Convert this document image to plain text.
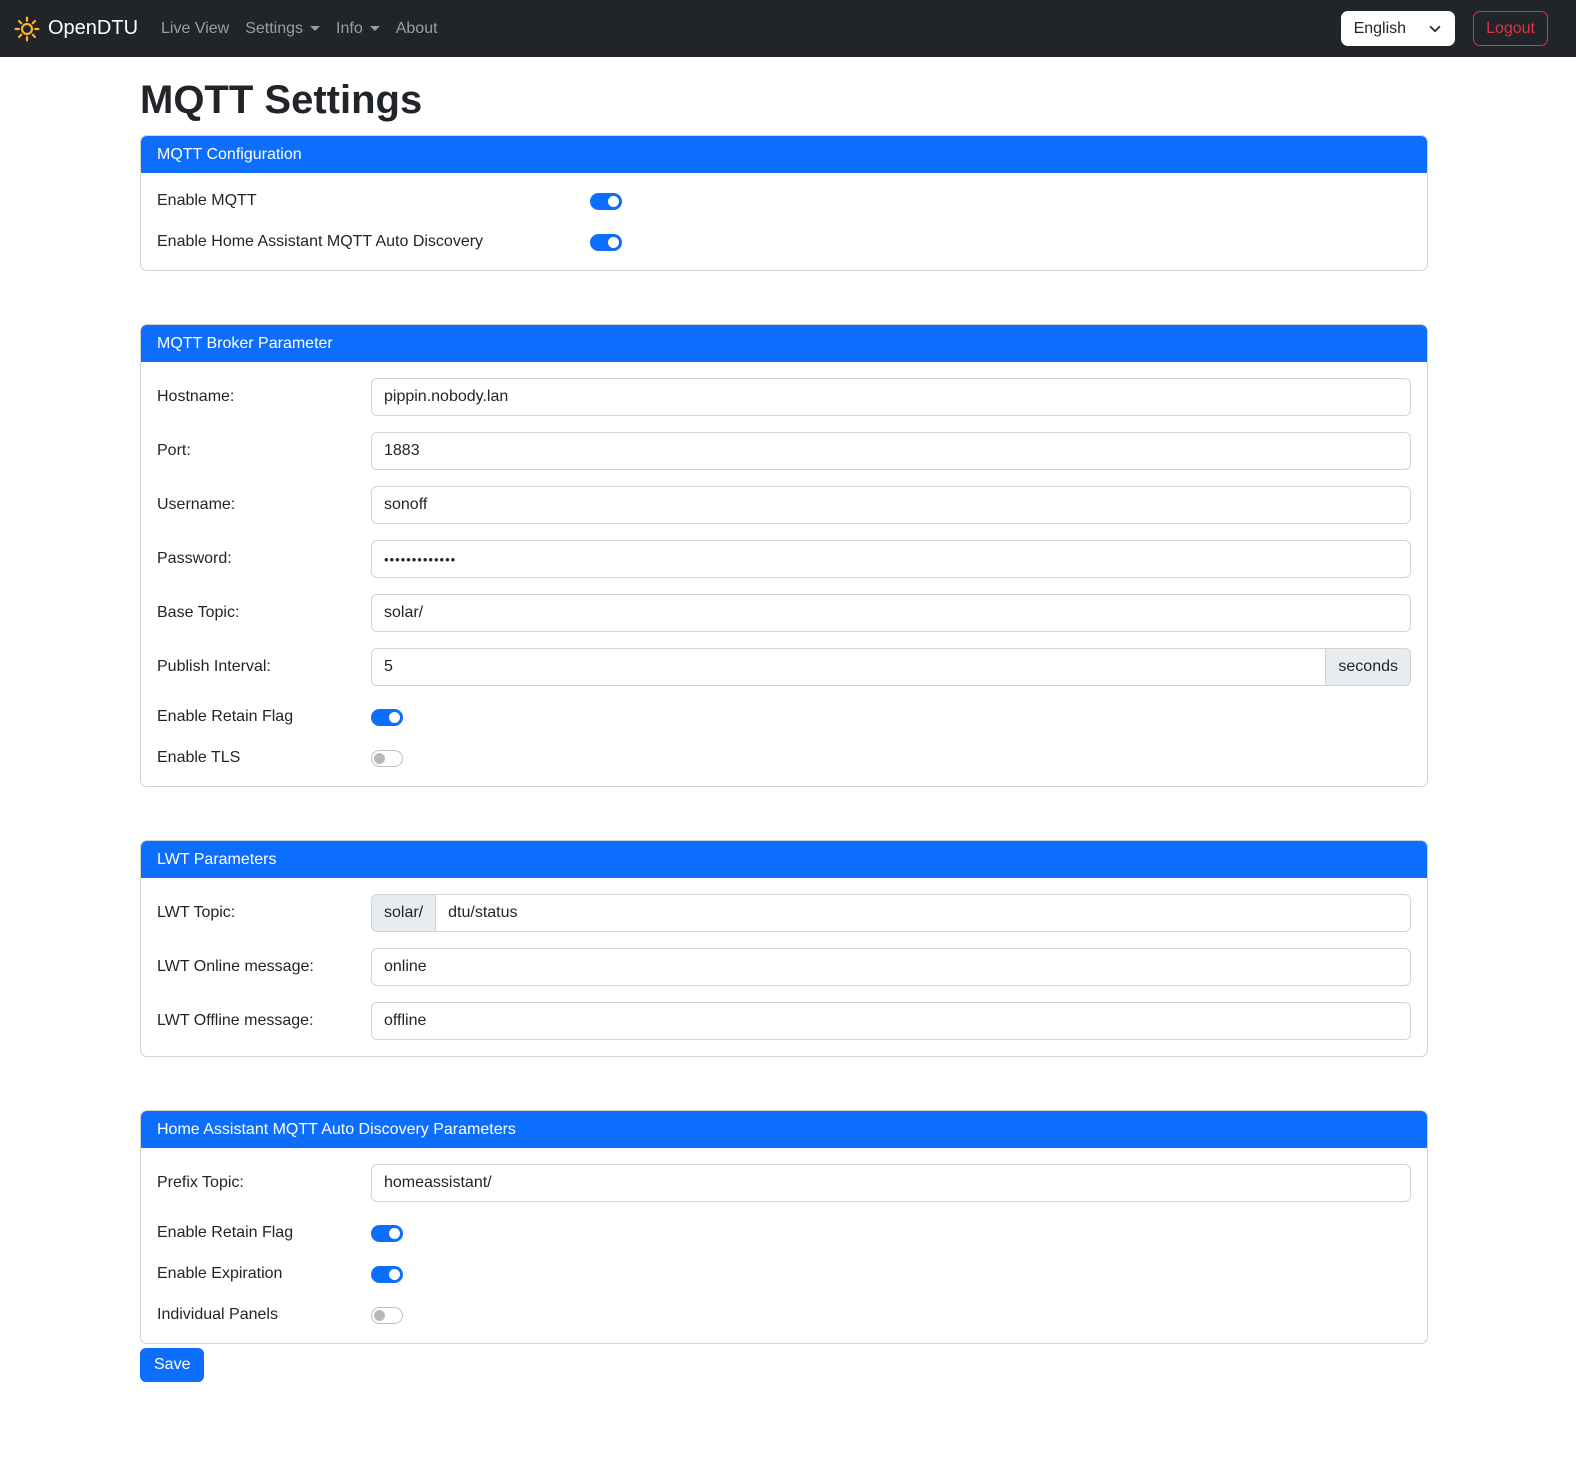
OpenDTU Live View Settings Info About	English	Logout
MQTT Settings
MQTT Configuration
Enable MQTT
Enable Home Assistant MQTT Auto Discovery
MQTT Broker Parameter
Hostname:
pippin.nobody.lan
Port:
1883
Username:
sonoff
Password:
•••••••••••••
Base Topic:
solar/
Publish Interval:
5	seconds
Enable Retain Flag
Enable TLS
LWT Parameters
LWT Topic:	solar/
dtu/status
LWT Online message:
online
LWT Offline message:
offline
Home Assistant MQTT Auto Discovery Parameters
Prefix Topic:
homeassistant/
Enable Retain Flag
Enable Expiration
Individual Panels
Save
